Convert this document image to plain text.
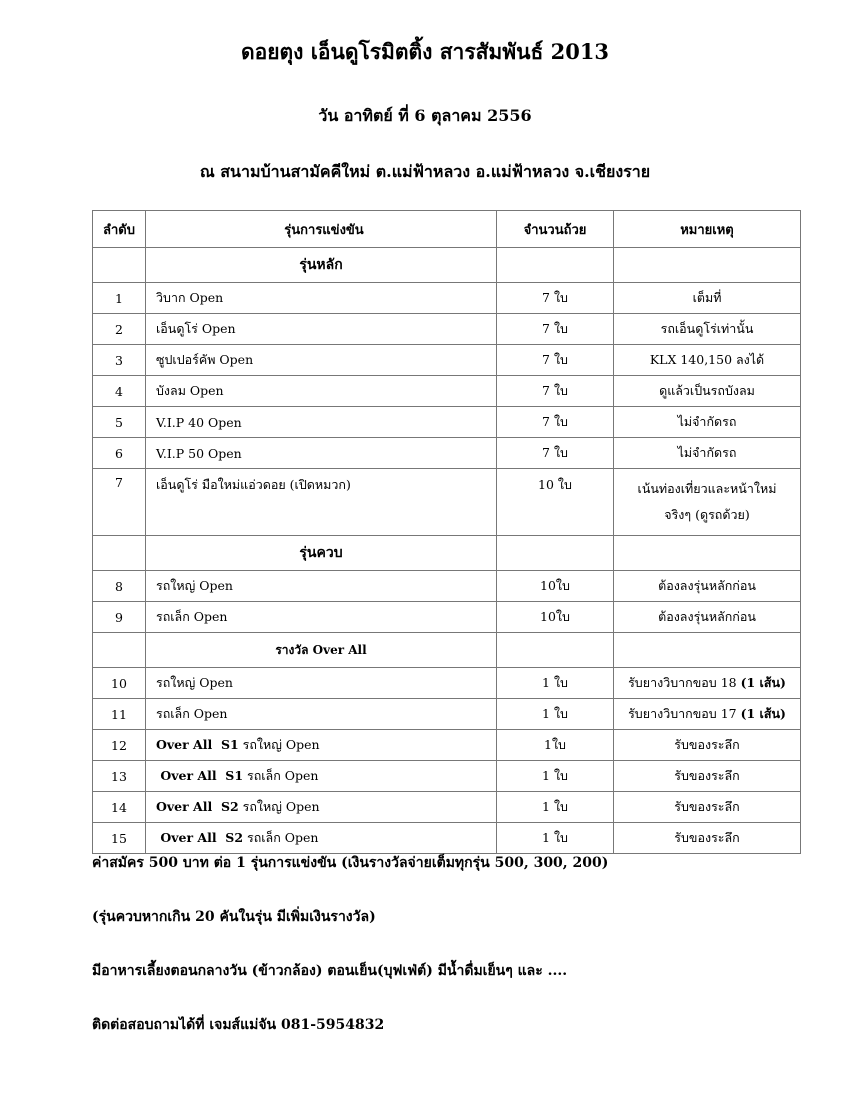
ดอยตุง เอ็นดูโรมิตติ้ง สารสัมพันธ์ 2013
วัน อาทิตย์ ที่ 6 ตุลาคม 2556
ณ สนามบ้านสามัคคีใหม่ ต.แม่ฟ้าหลวง อ.แม่ฟ้าหลวง จ.เชียงราย
ลำดับ	รุ่นการแข่งขัน	จำนวนถ้วย	หมายเหตุ
	รุ่นหลัก		
1	วิบาก Open	7 ใบ	เต็มที่
2	เอ็นดูโร่ Open	7 ใบ	รถเอ็นดูโร่เท่านั้น
3	ซูปเปอร์คัพ Open	7 ใบ	KLX 140,150 ลงได้
4	บังลม Open	7 ใบ	ดูแล้วเป็นรถบังลม
5	V.I.P 40 Open	7 ใบ	ไม่จำกัดรถ
6	V.I.P 50 Open	7 ใบ	ไม่จำกัดรถ
7	เอ็นดูโร่ มือใหม่แอ่วดอย (เปิดหมวก)	10 ใบ	เน้นท่องเที่ยวและหน้าใหม่
จริงๆ (ดูรถด้วย)

	รุ่นควบ		
8	รถใหญ่ Open	10ใบ	ต้องลงรุ่นหลักก่อน
9	รถเล็ก Open	10ใบ	ต้องลงรุ่นหลักก่อน
	รางวัล Over All		
10	รถใหญ่ Open	1 ใบ	รับยางวิบากขอบ 18 (1 เส้น)
11	รถเล็ก Open	1 ใบ	รับยางวิบากขอบ 17 (1 เส้น)
12	Over All  S1 รถใหญ่ Open	1ใบ	รับของระลึก
13	Over All  S1 รถเล็ก Open	1 ใบ	รับของระลึก
14	Over All  S2 รถใหญ่ Open	1 ใบ	รับของระลึก
15	Over All  S2 รถเล็ก Open	1 ใบ	รับของระลึก
ค่าสมัคร 500 บาท ต่อ 1 รุ่นการแข่งขัน (เงินรางวัลจ่ายเต็มทุกรุ่น 500, 300, 200)
(รุ่นควบหากเกิน 20 คันในรุ่น มีเพิ่มเงินรางวัล)
มีอาหารเลี้ยงตอนกลางวัน (ข้าวกล้อง) ตอนเย็น(บุฟเฟ่ต์) มีน้ำดื่มเย็นๆ และ ....
ติดต่อสอบถามได้ที่ เจมส์แม่จัน 081-5954832
